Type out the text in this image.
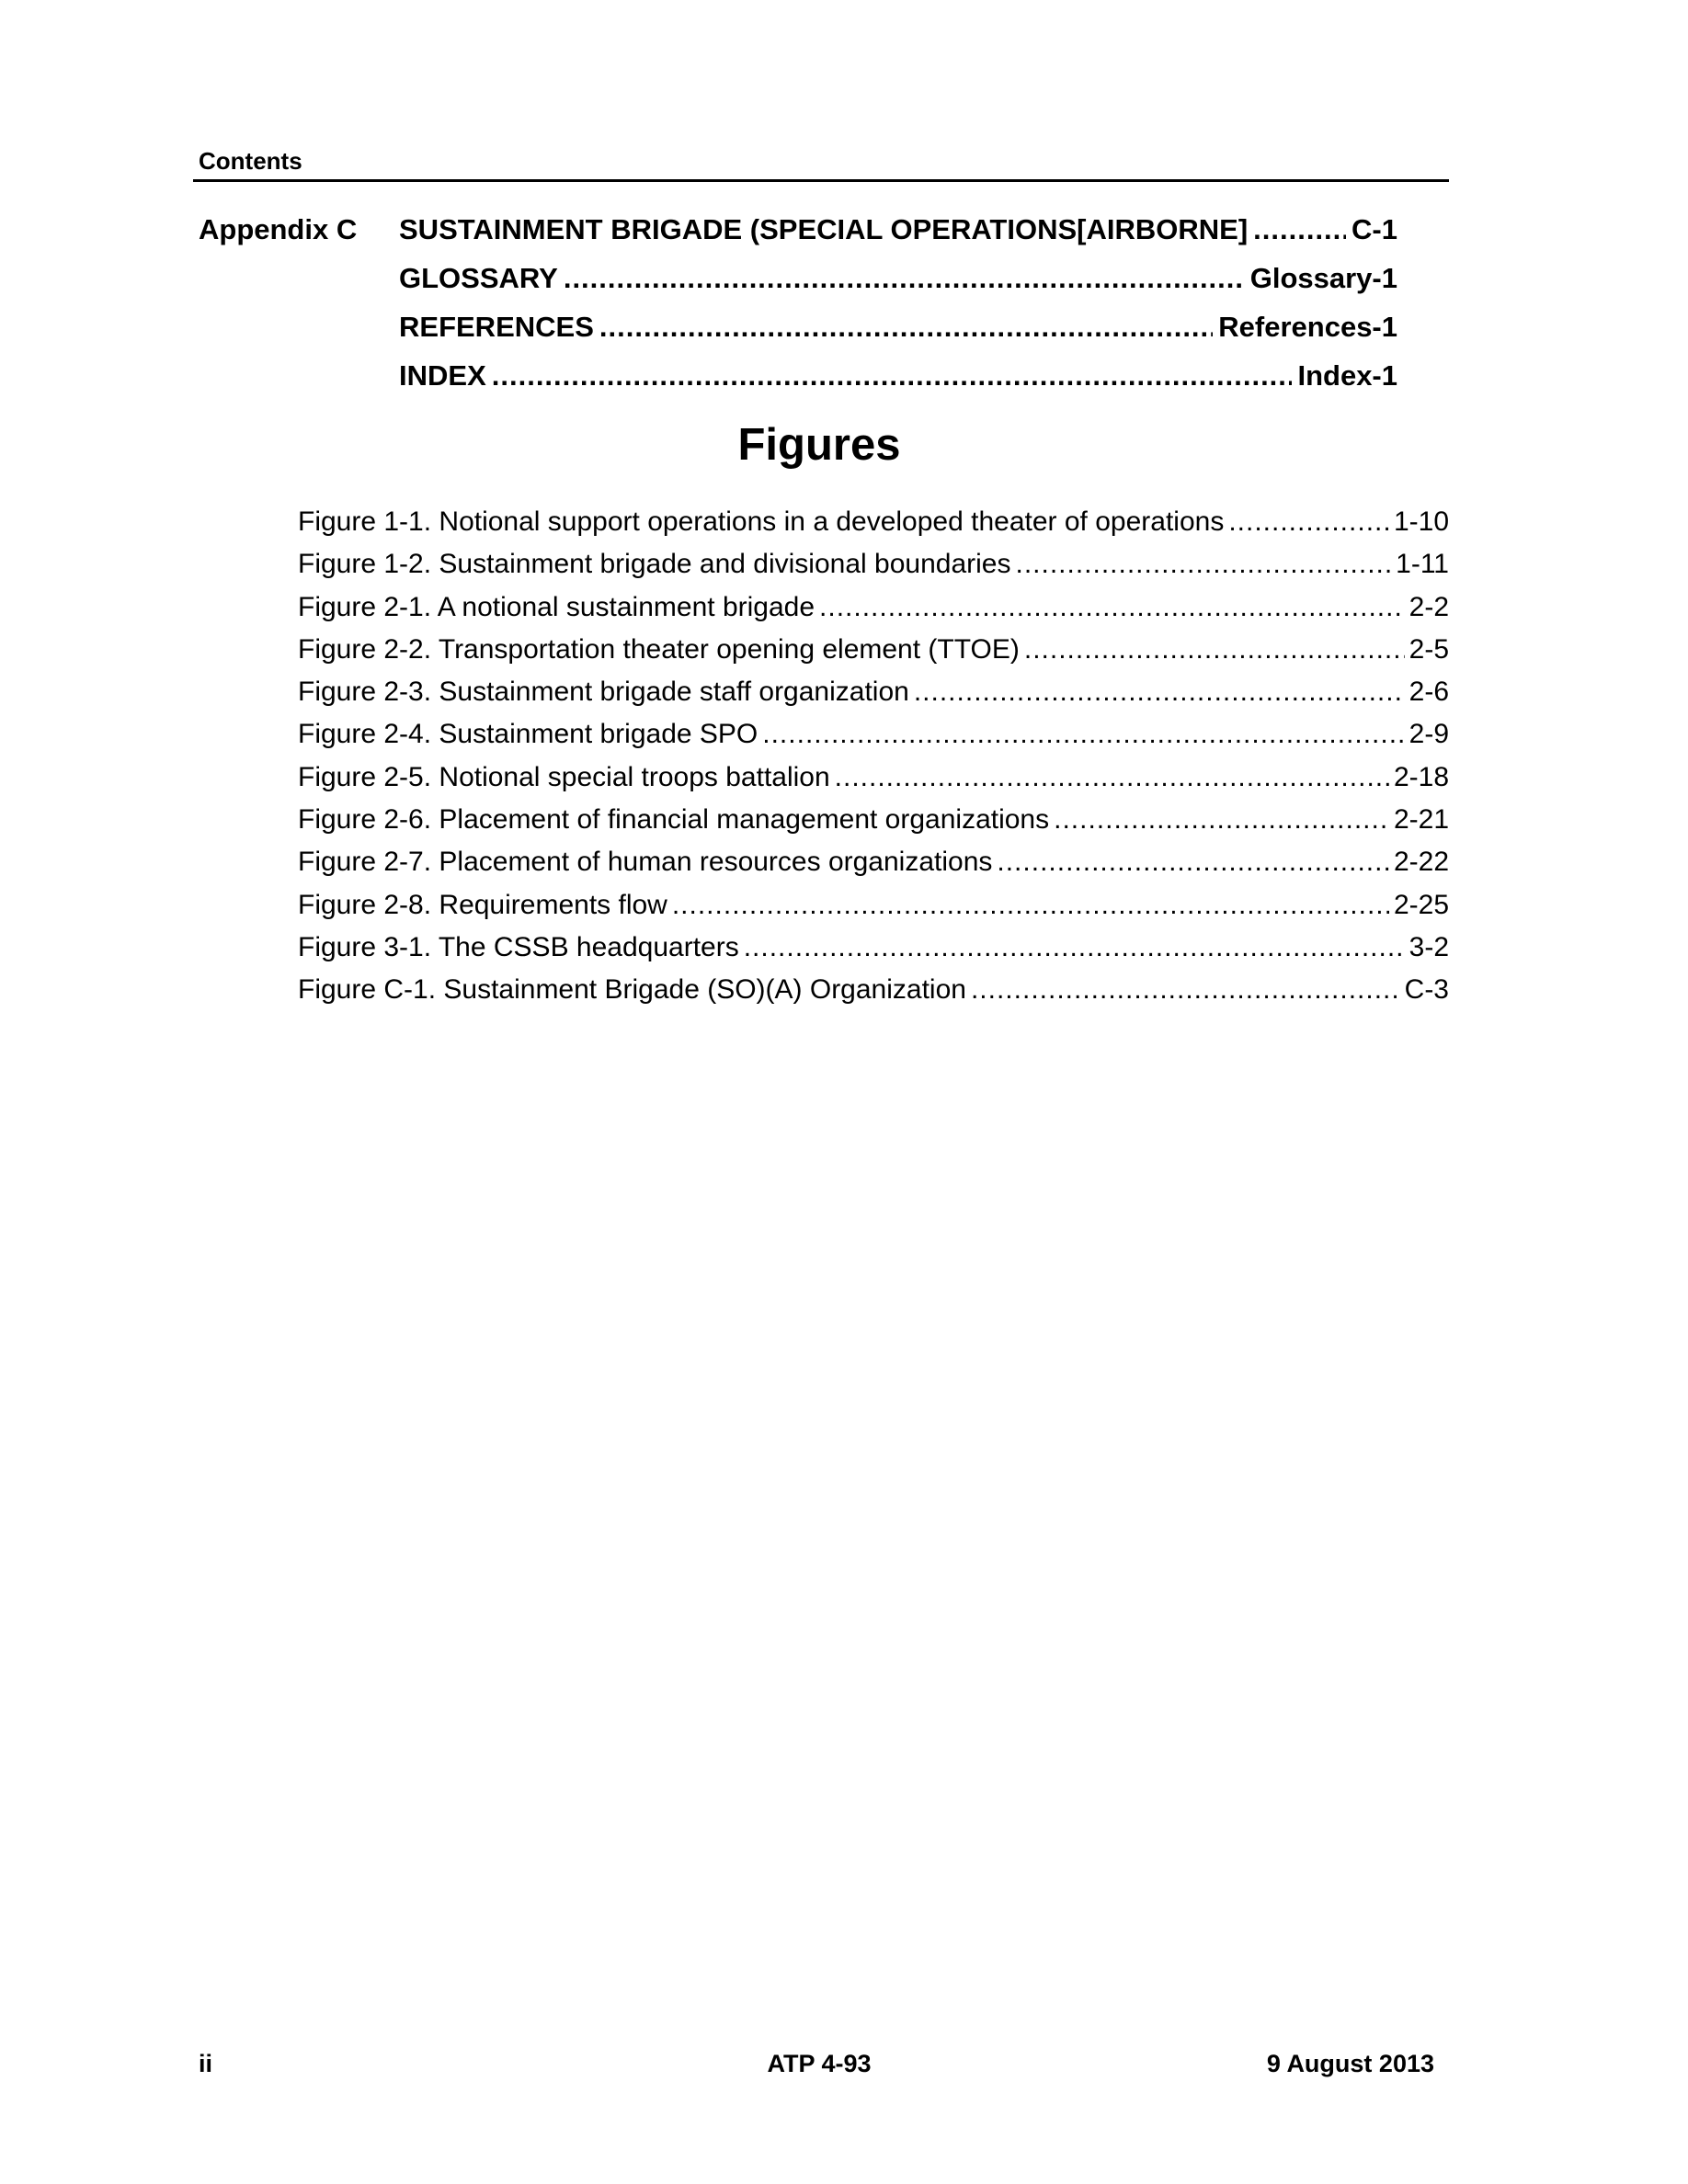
Contents
Appendix C SUSTAINMENT BRIGADE (SPECIAL OPERATIONS[AIRBORNE] .....	C-1
GLOSSARY .....	Glossary-1
REFERENCES .....	References-1
INDEX .....	Index-1
Figures
Figure 1-1. Notional support operations in a developed theater of operations .....	1-10
Figure 1-2. Sustainment brigade and divisional boundaries .....	1-11
Figure 2-1. A notional sustainment brigade .....	2-2
Figure 2-2. Transportation theater opening element (TTOE) .....	2-5
Figure 2-3. Sustainment brigade staff organization .....	2-6
Figure 2-4. Sustainment brigade SPO .....	2-9
Figure 2-5. Notional special troops battalion .....	2-18
Figure 2-6. Placement of financial management organizations .....	2-21
Figure 2-7. Placement of human resources organizations .....	2-22
Figure 2-8. Requirements flow .....	2-25
Figure 3-1. The CSSB headquarters .....	3-2
Figure C-1. Sustainment Brigade (SO)(A) Organization .....	C-3
ii	ATP 4-93	9 August 2013
